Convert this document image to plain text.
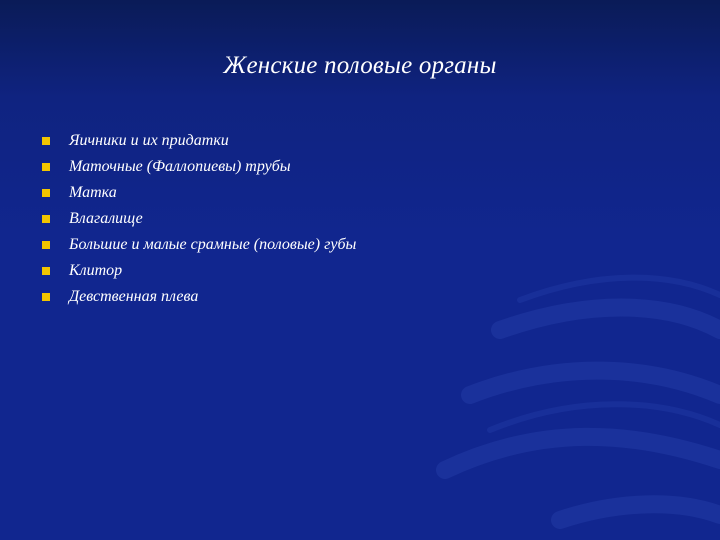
Женские половые органы
Яичники и их придатки
Маточные (Фаллопиевы) трубы
Матка
Влагалище
Большие и малые срамные (половые) губы
Клитор
Девственная плева
